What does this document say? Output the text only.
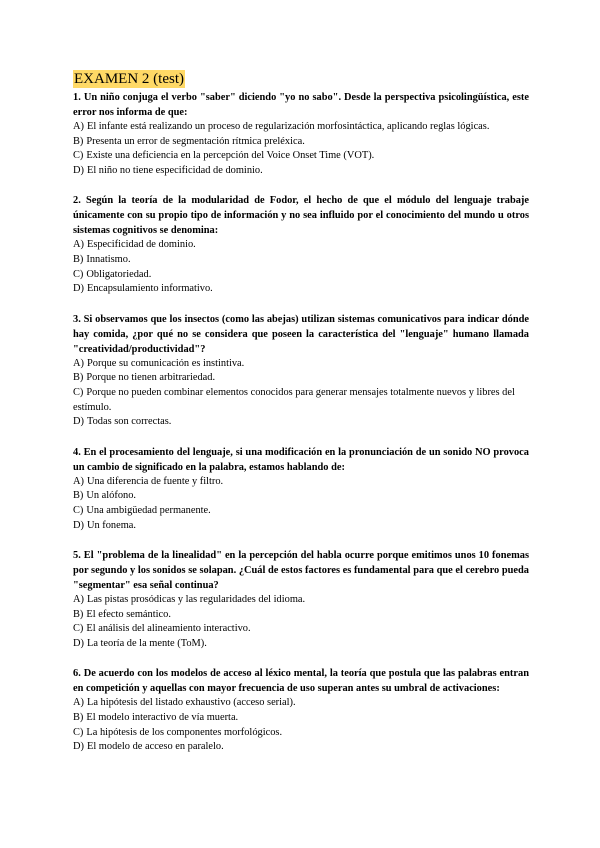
EXAMEN 2 (test)

1. Un niño conjuga el verbo "saber" diciendo "yo no sabo". Desde la perspectiva psicolingüística, este error nos informa de que:

A) El infante está realizando un proceso de regularización morfosintáctica, aplicando reglas lógicas.

B) Presenta un error de segmentación rítmica preléxica.

C) Existe una deficiencia en la percepción del Voice Onset Time (VOT).

D) El niño no tiene especificidad de dominio.

2. Según la teoría de la modularidad de Fodor, el hecho de que el módulo del lenguaje trabaje únicamente con su propio tipo de información y no sea influido por el conocimiento del mundo u otros sistemas cognitivos se denomina:

A) Especificidad de dominio.

B) Innatismo.

C) Obligatoriedad.

D) Encapsulamiento informativo.

3. Si observamos que los insectos (como las abejas) utilizan sistemas comunicativos para indicar dónde hay comida, ¿por qué no se considera que poseen la característica del "lenguaje" humano llamada "creatividad/productividad"?

A) Porque su comunicación es instintiva.

B) Porque no tienen arbitrariedad.

C) Porque no pueden combinar elementos conocidos para generar mensajes totalmente nuevos y libres del estímulo.

D) Todas son correctas.

4. En el procesamiento del lenguaje, si una modificación en la pronunciación de un sonido NO provoca un cambio de significado en la palabra, estamos hablando de:

A) Una diferencia de fuente y filtro.

B) Un alófono.

C) Una ambigüedad permanente.

D) Un fonema.

5. El "problema de la linealidad" en la percepción del habla ocurre porque emitimos unos 10 fonemas por segundo y los sonidos se solapan. ¿Cuál de estos factores es fundamental para que el cerebro pueda "segmentar" esa señal continua?

A) Las pistas prosódicas y las regularidades del idioma.

B) El efecto semántico.

C) El análisis del alineamiento interactivo.

D) La teoría de la mente (ToM).

6. De acuerdo con los modelos de acceso al léxico mental, la teoría que postula que las palabras entran en competición y aquellas con mayor frecuencia de uso superan antes su umbral de activaciones:

A) La hipótesis del listado exhaustivo (acceso serial).

B) El modelo interactivo de vía muerta.

C) La hipótesis de los componentes morfológicos.

D) El modelo de acceso en paralelo.
